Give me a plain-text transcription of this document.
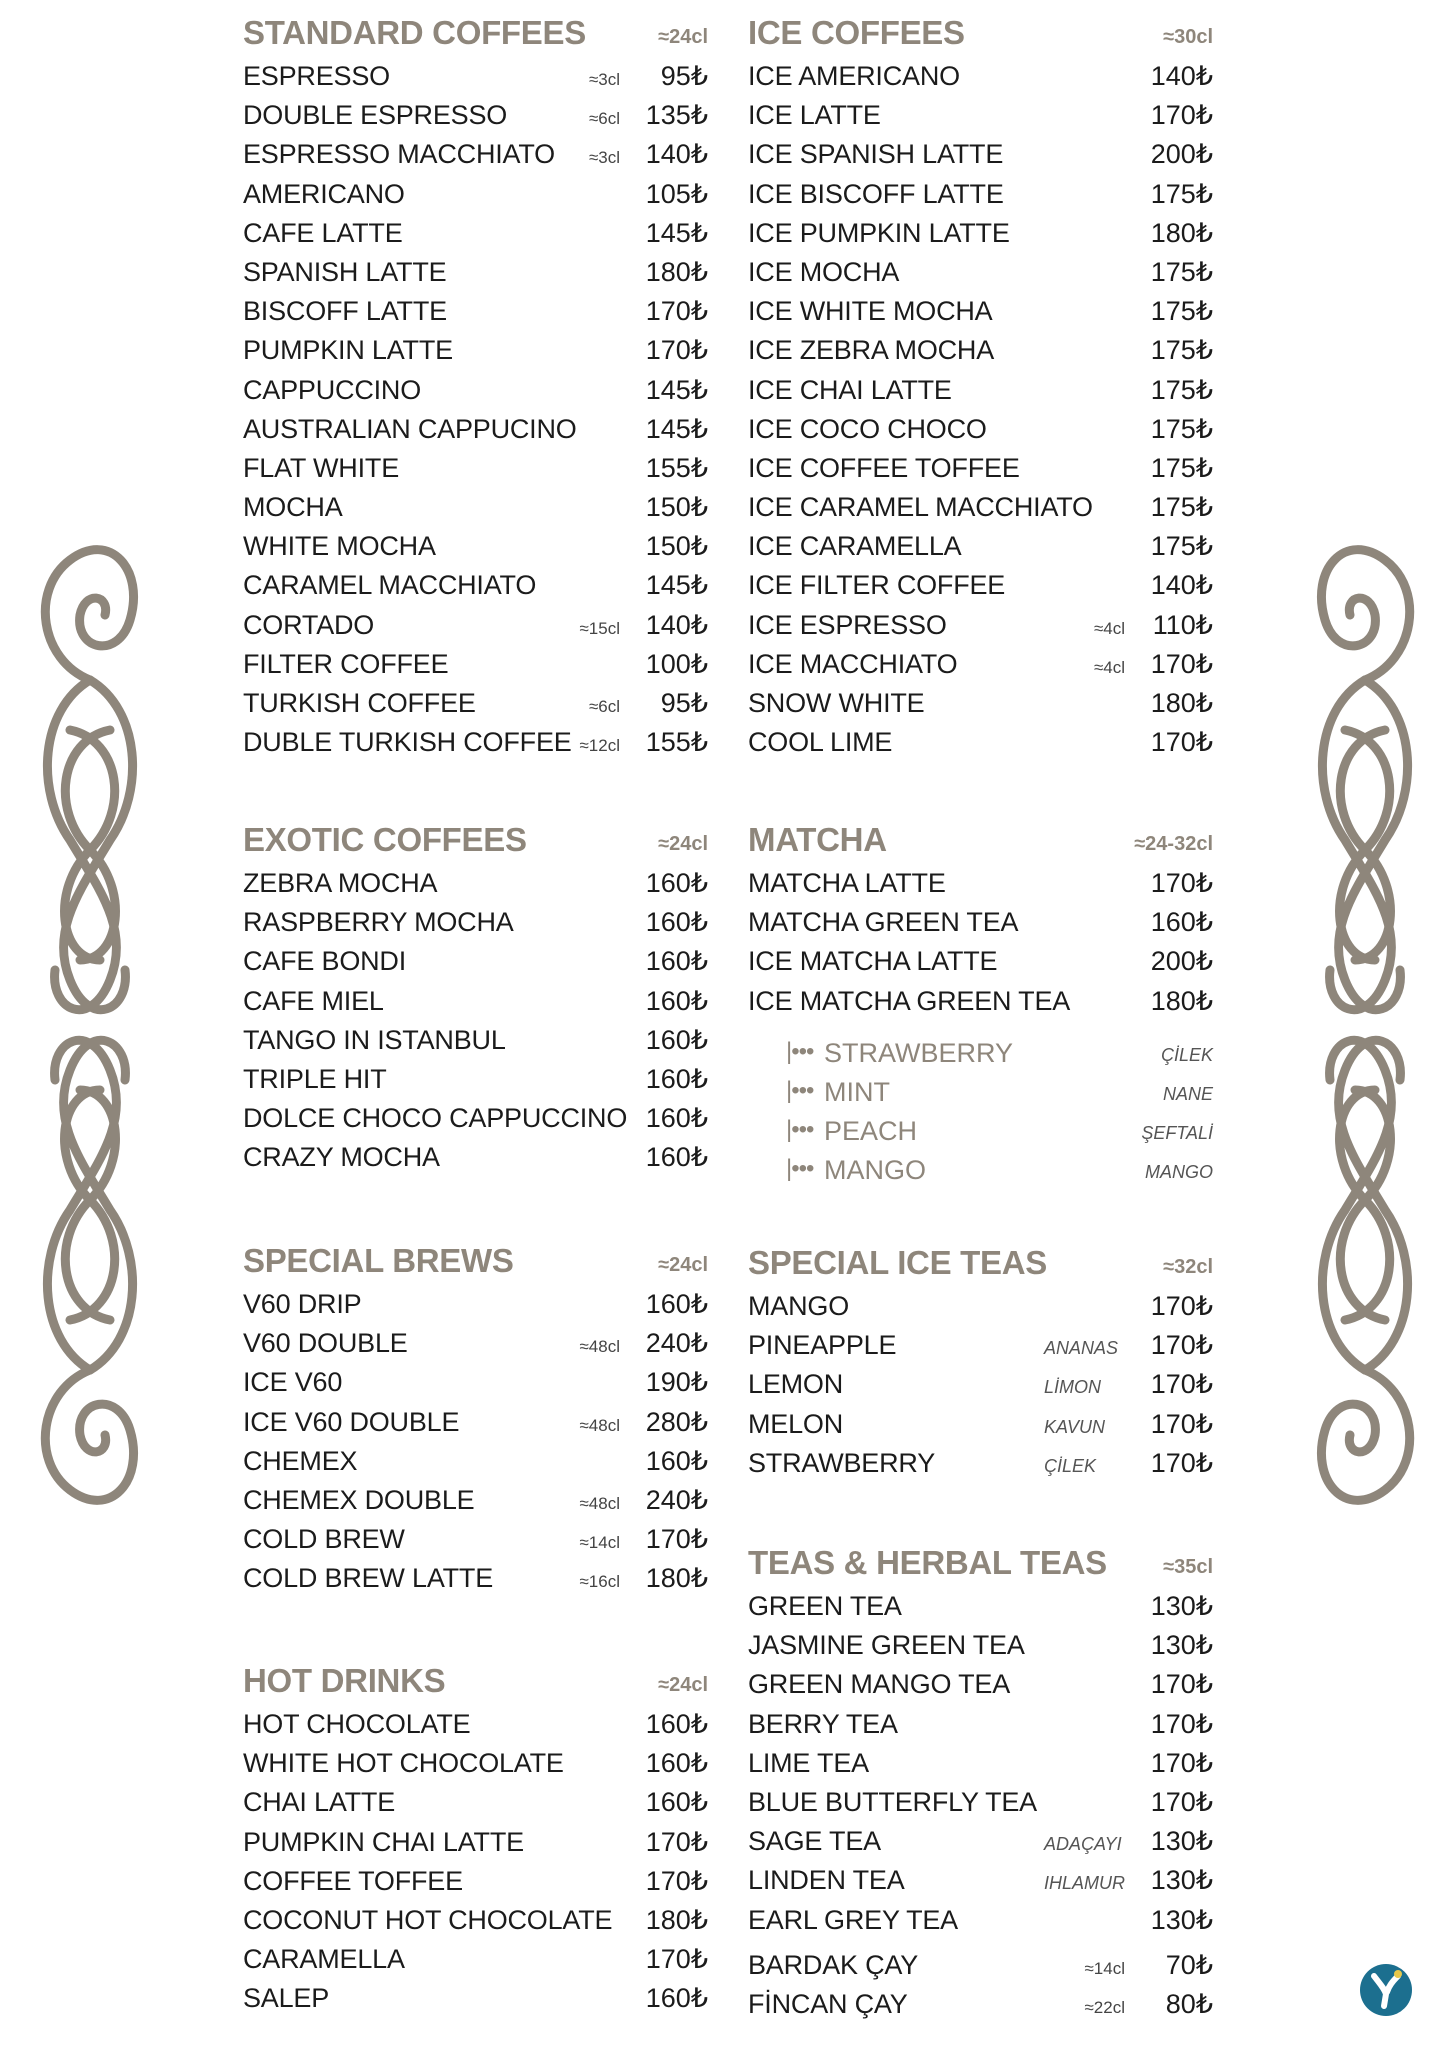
STANDARD COFFEES	≈24cl
ESPRESSO	≈3cl 95₺
DOUBLE ESPRESSO	≈6cl 135₺
ESPRESSO MACCHIATO ≈3cl 140₺
AMERICANO	105₺
CAFE LATTE	145₺
SPANISH LATTE	180₺
BISCOFF LATTE	170₺
PUMPKIN LATTE	170₺
CAPPUCCINO	145₺
AUSTRALIAN CAPPUCINO	145₺
FLAT WHITE	155₺
MOCHA	150₺
WHITE MOCHA	150₺
CARAMEL MACCHIATO	145₺
CORTADO	≈15cl 140₺
FILTER COFFEE	100₺
TURKISH COFFEE	≈6cl 95₺
DUBLE TURKISH COFFEE ≈12cl 155₺
EXOTIC COFFEES	≈24cl
ZEBRA MOCHA	160₺
RASPBERRY MOCHA	160₺
CAFE BONDI	160₺
CAFE MIEL	160₺
TANGO IN ISTANBUL	160₺
TRIPLE HIT	160₺
DOLCE CHOCO CAPPUCCINO 160₺
CRAZY MOCHA	160₺
SPECIAL BREWS	≈24cl
V60 DRIP	160₺
V60 DOUBLE	≈48cl 240₺
ICE V60	190₺
ICE V60 DOUBLE	≈48cl 280₺
CHEMEX	160₺
CHEMEX DOUBLE	≈48cl 240₺
COLD BREW	≈14cl 170₺
COLD BREW LATTE	≈16cl 180₺
HOT DRINKS	≈24cl
HOT CHOCOLATE	160₺
WHITE HOT CHOCOLATE	160₺
CHAI LATTE	160₺
PUMPKIN CHAI LATTE	170₺
COFFEE TOFFEE	170₺
COCONUT HOT CHOCOLATE 180₺
CARAMELLA	170₺
SALEP	160₺
ICE COFFEES	≈30cl
ICE AMERICANO	140₺
ICE LATTE	170₺
ICE SPANISH LATTE	200₺
ICE BISCOFF LATTE	175₺
ICE PUMPKIN LATTE	180₺
ICE MOCHA	175₺
ICE WHITE MOCHA	175₺
ICE ZEBRA MOCHA	175₺
ICE CHAI LATTE	175₺
ICE COCO CHOCO	175₺
ICE COFFEE TOFFEE	175₺
ICE CARAMEL MACCHIATO 175₺
ICE CARAMELLA	175₺
ICE FILTER COFFEE	140₺
ICE ESPRESSO	≈4cl 110₺
ICE MACCHIATO	≈4cl 170₺
SNOW WHITE	180₺
COOL LIME	170₺
MATCHA	≈24-32cl
MATCHA LATTE	170₺
MATCHA GREEN TEA	160₺
ICE MATCHA LATTE	200₺
ICE MATCHA GREEN TEA	180₺
|••• STRAWBERRY	ÇİLEK
|••• MINT	NANE
|••• PEACH	ŞEFTALİ
|••• MANGO	MANGO
SPECIAL ICE TEAS	≈32cl
MANGO	170₺
PINEAPPLE	ANANAS 170₺
LEMON	LİMON 170₺
MELON	KAVUN 170₺
STRAWBERRY	ÇİLEK 170₺
TEAS & HERBAL TEAS	≈35cl
GREEN TEA	130₺
JASMINE GREEN TEA	130₺
GREEN MANGO TEA	170₺
BERRY TEA	170₺
LIME TEA	170₺
BLUE BUTTERFLY TEA	170₺
SAGE TEA	ADAÇAYI 130₺
LINDEN TEA	IHLAMUR 130₺
EARL GREY TEA	130₺
BARDAK ÇAY	≈14cl 70₺
FİNCAN ÇAY	≈22cl 80₺
